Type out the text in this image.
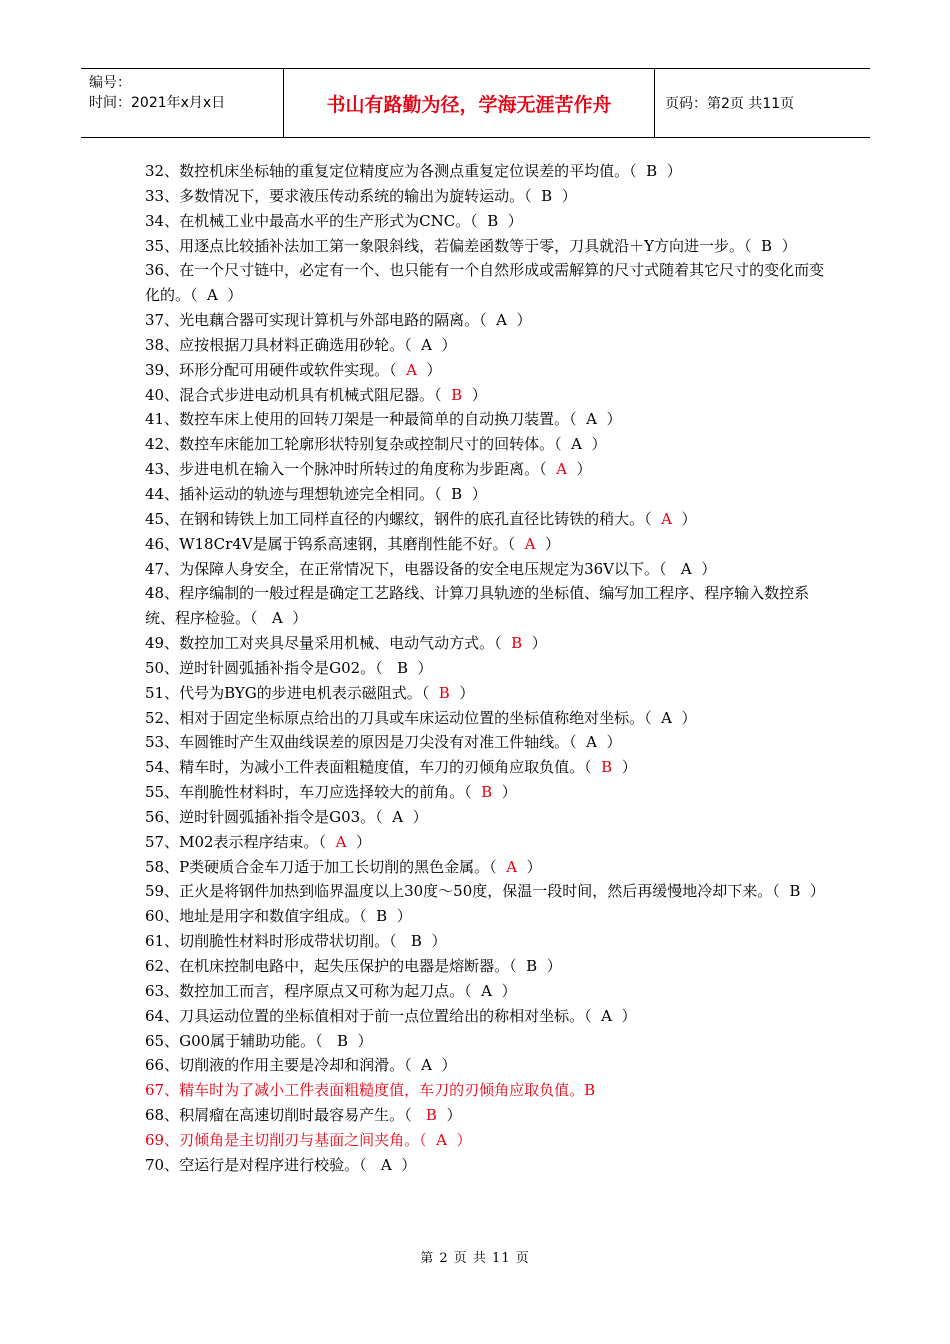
编号：
时间：2021年x月x日	书山有路勤为径，学海无涯苦作舟	页码：第2页 共11页
32、数控机床坐标轴的重复定位精度应为各测点重复定位误差的平均值。（  B  ）
33、多数情况下，要求液压传动系统的输出为旋转运动。（  B  ）
34、在机械工业中最高水平的生产形式为CNC。（  B  ）
35、用逐点比较插补法加工第一象限斜线，若偏差函数等于零，刀具就沿＋Y方向进一步。（  B  ）
36、在一个尺寸链中，必定有一个、也只能有一个自然形成或需解算的尺寸式随着其它尺寸的变化而变化的。（  A  ）
37、光电藕合器可实现计算机与外部电路的隔离。（  A  ）
38、应按根据刀具材料正确选用砂轮。（  A  ）
39、环形分配可用硬件或软件实现。（  A  ）
40、混合式步进电动机具有机械式阻尼器。（  B  ）
41、数控车床上使用的回转刀架是一种最简单的自动换刀装置。（  A  ）
42、数控车床能加工轮廓形状特别复杂或控制尺寸的回转体。（  A  ）
43、步进电机在输入一个脉冲时所转过的角度称为步距离。（  A  ）
44、插补运动的轨迹与理想轨迹完全相同。（  B  ）
45、在钢和铸铁上加工同样直径的内螺纹，钢件的底孔直径比铸铁的稍大。（  A  ）
46、W18Cr4V是属于钨系高速钢，其磨削性能不好。（  A  ）
47、为保障人身安全，在正常情况下，电器设备的安全电压规定为36V以下。（   A  ）
48、程序编制的一般过程是确定工艺路线、计算刀具轨迹的坐标值、编写加工程序、程序输入数控系统、程序检验。（   A  ）
49、数控加工对夹具尽量采用机械、电动气动方式。（  B  ）
50、逆时针圆弧插补指令是G02。（   B  ）
51、代号为BYG的步进电机表示磁阻式。（  B  ）
52、相对于固定坐标原点给出的刀具或车床运动位置的坐标值称绝对坐标。（  A  ）
53、车圆锥时产生双曲线误差的原因是刀尖没有对准工件轴线。（  A  ）
54、精车时，为减小工件表面粗糙度值，车刀的刃倾角应取负值。（  B  ）
55、车削脆性材料时，车刀应选择较大的前角。（  B  ）
56、逆时针圆弧插补指令是G03。（  A  ）
57、M02表示程序结束。（  A  ）
58、P类硬质合金车刀适于加工长切削的黑色金属。（  A  ）
59、正火是将钢件加热到临界温度以上30度～50度，保温一段时间，然后再缓慢地冷却下来。（  B  ）
60、地址是用字和数值字组成。（  B  ）
61、切削脆性材料时形成带状切削。（   B  ）
62、在机床控制电路中，起失压保护的电器是熔断器。（  B  ）
63、数控加工而言，程序原点又可称为起刀点。（  A  ）
64、刀具运动位置的坐标值相对于前一点位置给出的称相对坐标。（  A  ）
65、G00属于辅助功能。（   B  ）
66、切削液的作用主要是冷却和润滑。（  A  ）
67、精车时为了减小工件表面粗糙度值，车刀的刃倾角应取负值。B
68、积屑瘤在高速切削时最容易产生。（   B  ）
69、刃倾角是主切削刃与基面之间夹角。（  A  ）
70、空运行是对程序进行校验。（   A  ）
第 2 页 共 11 页
